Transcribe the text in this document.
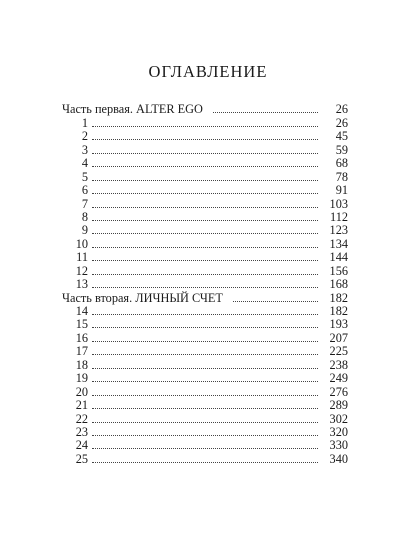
ОГЛАВЛЕНИЕ
Часть первая. ALTER EGO	26
1	26
2	45
3	59
4	68
5	78
6	91
7	103
8	112
9	123
10	134
11	144
12	156
13	168
Часть вторая. ЛИЧНЫЙ СЧЕТ	182
14	182
15	193
16	207
17	225
18	238
19	249
20	276
21	289
22	302
23	320
24	330
25	340
